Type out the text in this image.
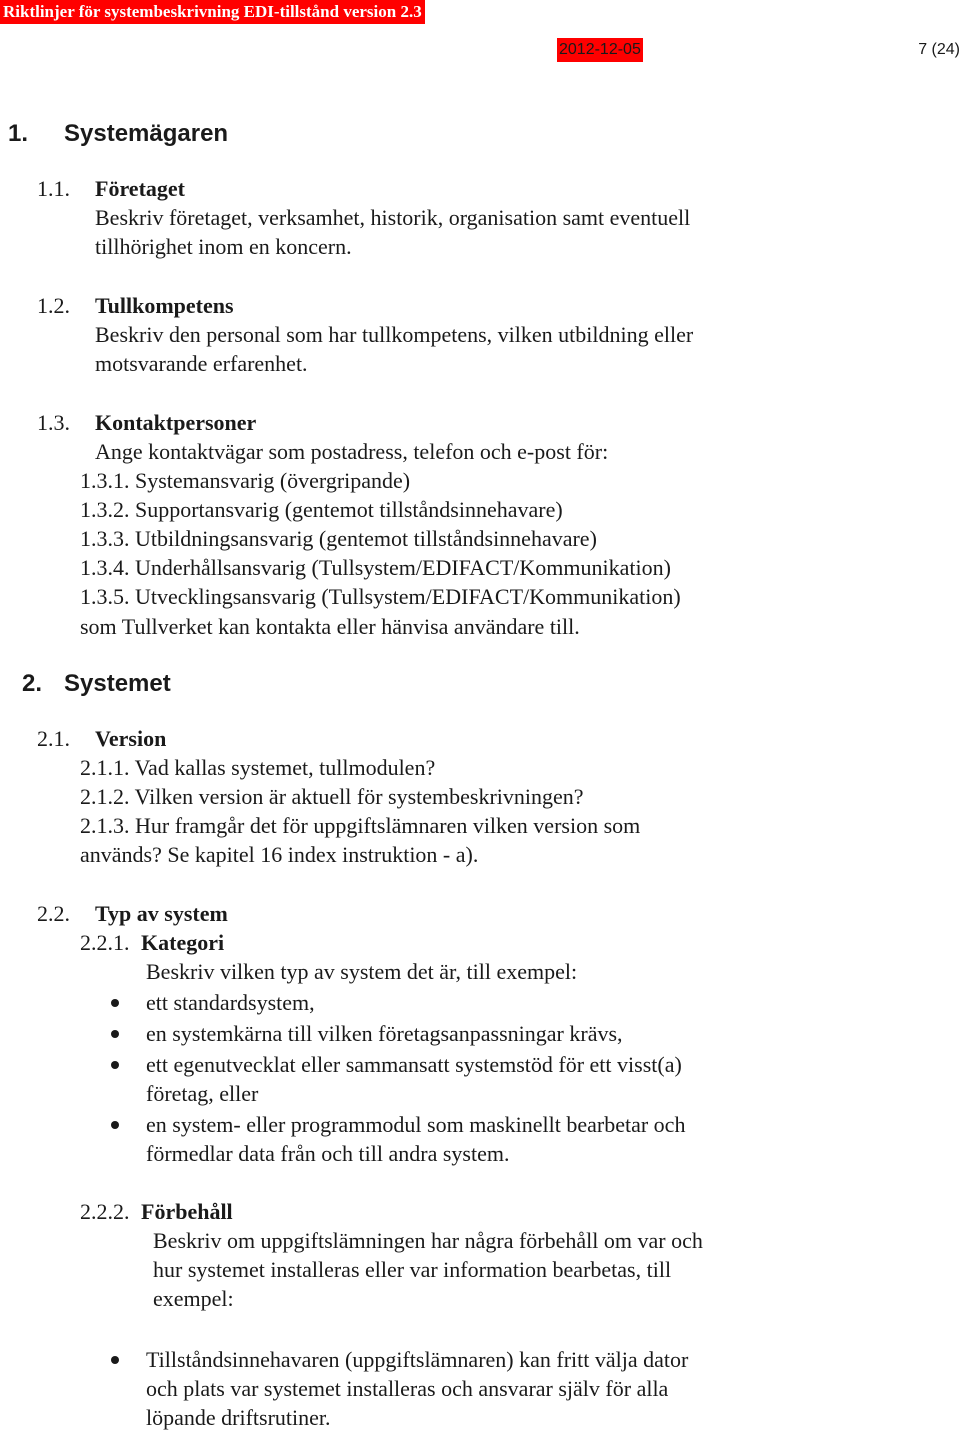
Riktlinjer för systembeskrivning EDI-tillstånd version 2.3
2012-12-05	7 (24)
1. Systemägaren
1.1. Företaget
Beskriv företaget, verksamhet, historik, organisation samt eventuell
tillhörighet inom en koncern.
1.2. Tullkompetens
Beskriv den personal som har tullkompetens, vilken utbildning eller
motsvarande erfarenhet.
1.3. Kontaktpersoner
Ange kontaktvägar som postadress, telefon och e-post för:
1.3.1. Systemansvarig (övergripande)
1.3.2. Supportansvarig (gentemot tillståndsinnehavare)
1.3.3. Utbildningsansvarig (gentemot tillståndsinnehavare)
1.3.4. Underhållsansvarig (Tullsystem/EDIFACT/Kommunikation)
1.3.5. Utvecklingsansvarig (Tullsystem/EDIFACT/Kommunikation)
som Tullverket kan kontakta eller hänvisa användare till.
2. Systemet
2.1. Version
2.1.1. Vad kallas systemet, tullmodulen?
2.1.2. Vilken version är aktuell för systembeskrivningen?
2.1.3. Hur framgår det för uppgiftslämnaren vilken version som
används? Se kapitel 16 index instruktion - a).
2.2. Typ av system
2.2.1. Kategori
Beskriv vilken typ av system det är, till exempel:
ett standardsystem,
en systemkärna till vilken företagsanpassningar krävs,
ett egenutvecklat eller sammansatt systemstöd för ett visst(a)
företag, eller
en system- eller programmodul som maskinellt bearbetar och
förmedlar data från och till andra system.
2.2.2. Förbehåll
Beskriv om uppgiftslämningen har några förbehåll om var och
hur systemet installeras eller var information bearbetas, till
exempel:
Tillståndsinnehavaren (uppgiftslämnaren) kan fritt välja dator
och plats var systemet installeras och ansvarar själv för alla
löpande driftsrutiner.
